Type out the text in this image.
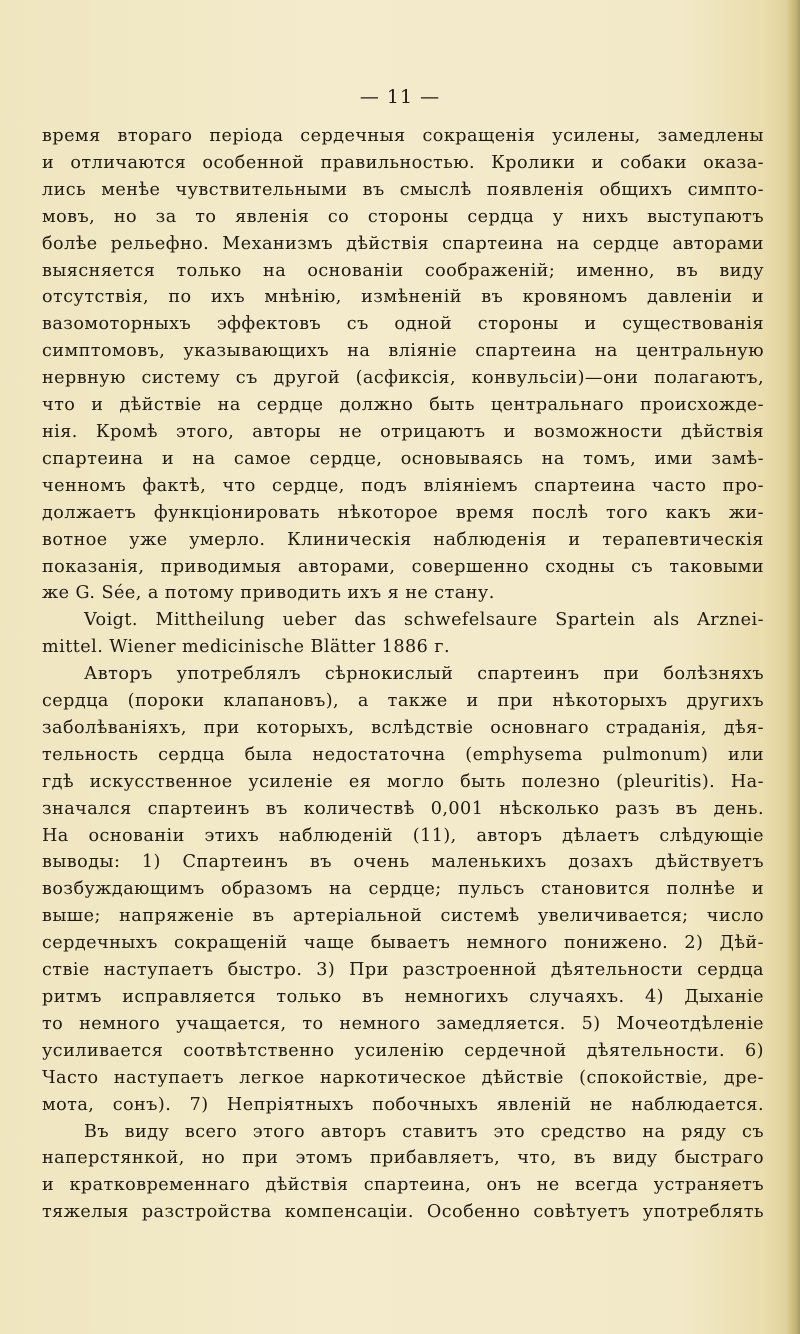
— 11 —
время втораго періода сердечныя сокращенія усилены, замедлены
и отличаются особенной правильностью. Кролики и собаки оказа-
лись менѣе чувствительными въ смыслѣ появленія общихъ симпто-
мовъ, но за то явленія со стороны сердца у нихъ выступаютъ
болѣе рельефно. Механизмъ дѣйствія спартеина на сердце авторами
выясняется только на основаніи соображеній; именно, въ виду
отсутствія, по ихъ мнѣнію, измѣненій въ кровяномъ давленіи и
вазомоторныхъ эффектовъ съ одной стороны и существованія
симптомовъ, указывающихъ на вліяніе спартеина на центральную
нервную систему съ другой (асфиксія, конвульсіи)—они полагаютъ,
что и дѣйствіе на сердце должно быть центральнаго происхожде-
нія. Кромѣ этого, авторы не отрицаютъ и возможности дѣйствія
спартеина и на самое сердце, основываясь на томъ, ими замѣ-
ченномъ фактѣ, что сердце, подъ вліяніемъ спартеина часто про-
должаетъ функціонировать нѣкоторое время послѣ того какъ жи-
вотное уже умерло. Клиническія наблюденія и терапевтическія
показанія, приводимыя авторами, совершенно сходны съ таковыми
же G. Sée, а потому приводить ихъ я не стану.
Voigt. Mittheilung ueber das schwefelsaure Spartein als Arznei-
mittel. Wiener medicinische Blätter 1886 г.
Авторъ употреблялъ сѣрнокислый спартеинъ при болѣзняхъ
сердца (пороки клапановъ), а также и при нѣкоторыхъ другихъ
заболѣваніяхъ, при которыхъ, вслѣдствіе основнаго страданія, дѣя-
тельность сердца была недостаточна (emphysema pulmonum) или
гдѣ искусственное усиленіе ея могло быть полезно (pleuritis). На-
значался спартеинъ въ количествѣ 0,001 нѣсколько разъ въ день.
На основаніи этихъ наблюденій (11), авторъ дѣлаетъ слѣдующіе
выводы: 1) Спартеинъ въ очень маленькихъ дозахъ дѣйствуетъ
возбуждающимъ образомъ на сердце; пульсъ становится полнѣе и
выше; напряженіе въ артеріальной системѣ увеличивается; число
сердечныхъ сокращеній чаще бываетъ немного понижено. 2) Дѣй-
ствіе наступаетъ быстро. 3) При разстроенной дѣятельности сердца
ритмъ исправляется только въ немногихъ случаяхъ. 4) Дыханіе
то немного учащается, то немного замедляется. 5) Мочеотдѣленіе
усиливается соотвѣтственно усиленію сердечной дѣятельности. 6)
Часто наступаетъ легкое наркотическое дѣйствіе (спокойствіе, дре-
мота, сонъ). 7) Непріятныхъ побочныхъ явленій не наблюдается.
Въ виду всего этого авторъ ставитъ это средство на ряду съ
наперстянкой, но при этомъ прибавляетъ, что, въ виду быстраго
и кратковременнаго дѣйствія спартеина, онъ не всегда устраняетъ
тяжелыя разстройства компенсаціи. Особенно совѣтуетъ употреблять
